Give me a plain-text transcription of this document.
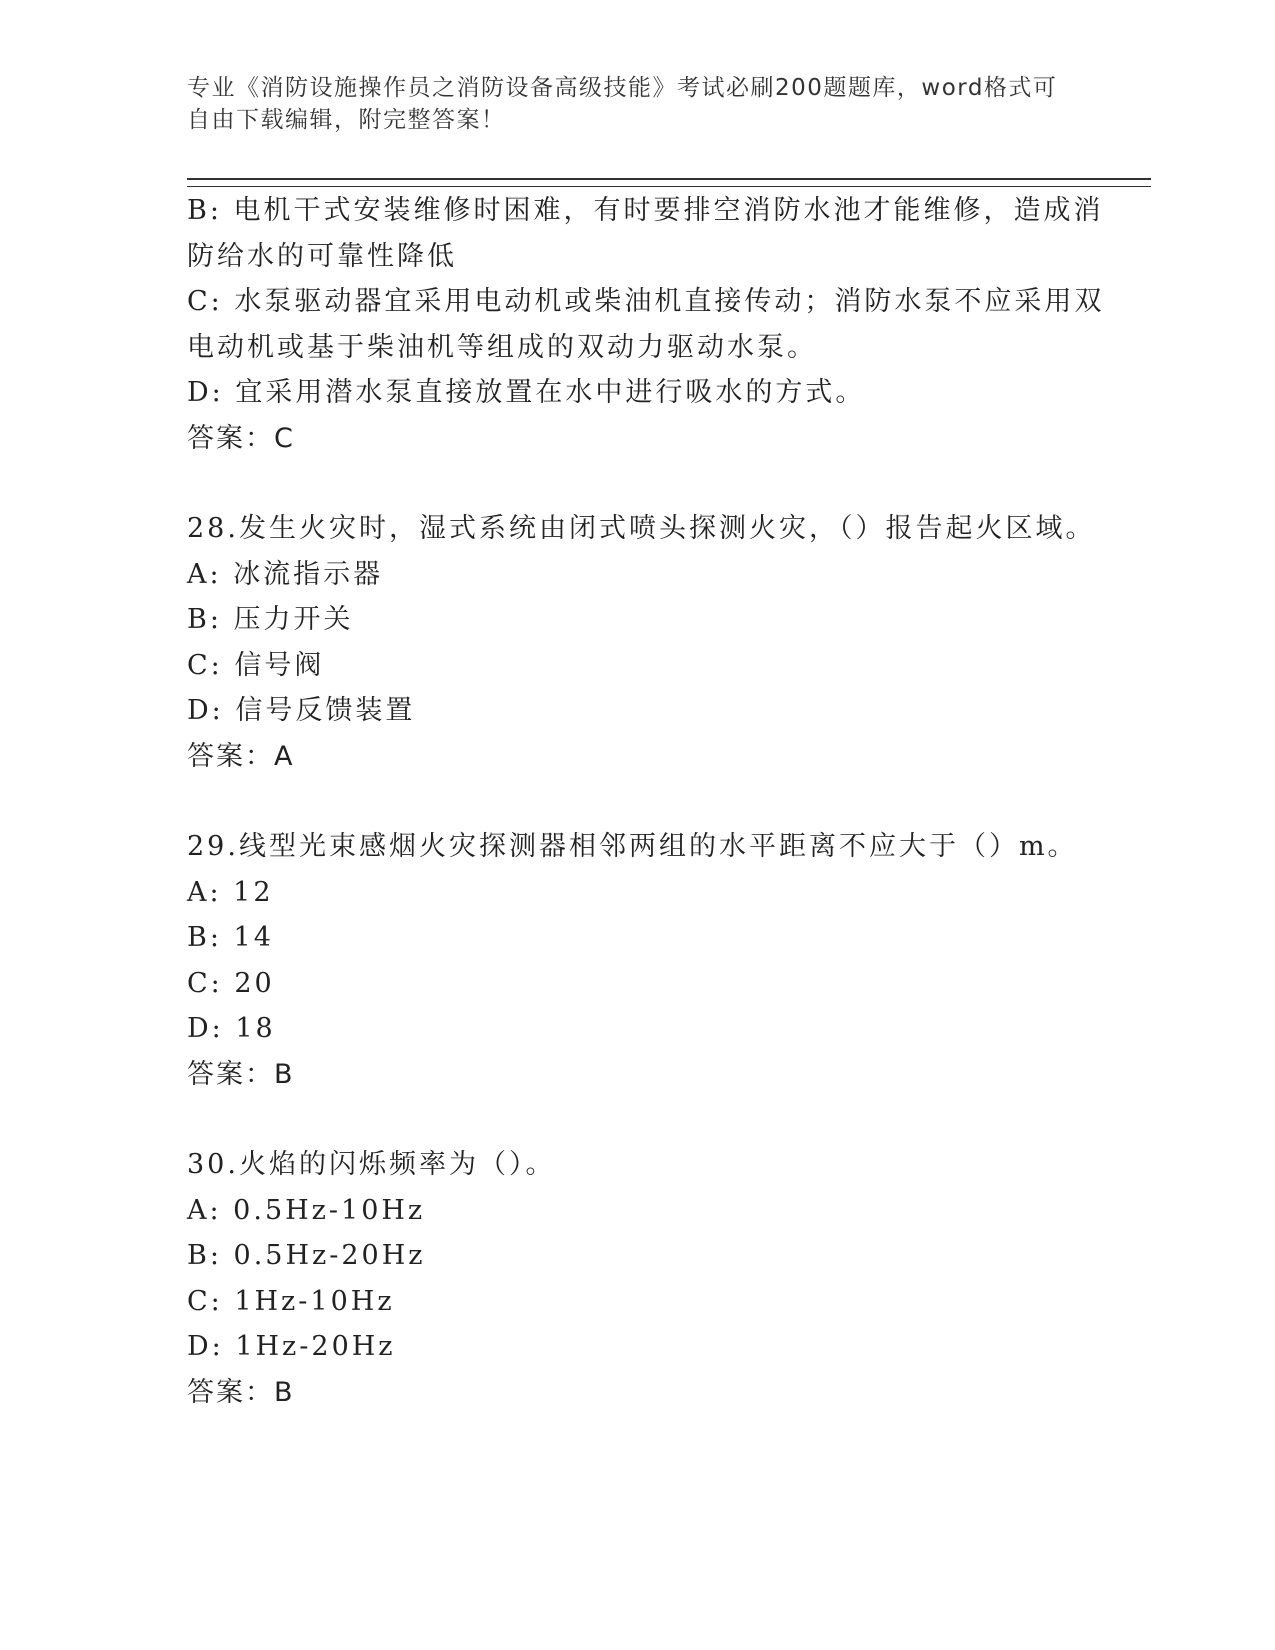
专业《消防设施操作员之消防设备高级技能》考试必刷200题题库，word格式可
自由下载编辑，附完整答案！
B: 电机干式安装维修时困难，有时要排空消防水池才能维修，造成消
防给水的可靠性降低
C: 水泵驱动器宜采用电动机或柴油机直接传动；消防水泵不应采用双
电动机或基于柴油机等组成的双动力驱动水泵。
D: 宜采用潜水泵直接放置在水中进行吸水的方式。
答案：C
28.发生火灾时，湿式系统由闭式喷头探测火灾，（）报告起火区域。
A: 冰流指示器
B: 压力开关
C: 信号阀
D: 信号反馈装置
答案：A
29.线型光束感烟火灾探测器相邻两组的水平距离不应大于（）m。
A: 12
B: 14
C: 20
D: 18
答案：B
30.火焰的闪烁频率为（）。
A: 0.5Hz-10Hz
B: 0.5Hz-20Hz
C: 1Hz-10Hz
D: 1Hz-20Hz
答案：B
